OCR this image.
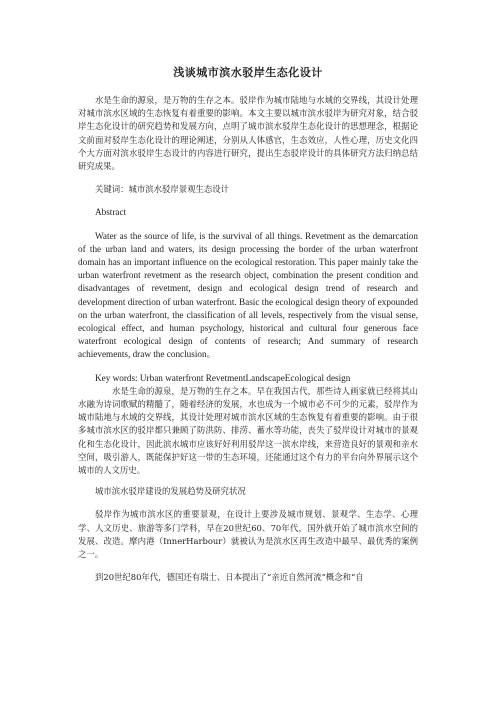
浅谈城市滨水驳岸生态化设计
水是生命的源泉，是万物的生存之本。驳岸作为城市陆地与水域的交界线，其设计处理对城市滨水区域的生态恢复有着重要的影响。本文主要以城市滨水驳岸为研究对象，结合驳岸生态化设计的研究趋势和发展方向，点明了城市滨水驳岸生态化设计的思想理念，根据论文前面对驳岸生态化设计的理论阐述，分别从人体感官，生态效应，人性心理，历史文化四个大方面对滨水驳岸生态设计的内容进行研究，提出生态驳岸设计的具体研究方法归纳总结研究成果。
关键词：城市滨水驳岸景观生态设计
Abstract
Water as the source of life, is the survival of all things. Revetment as the demarcation of the urban land and waters, its design processing the border of the urban waterfront domain has an important influence on the ecological restoration. This paper mainly take the urban waterfront revetment as the research object, combination the present condition and disadvantages of revetment, design and ecological design trend of research and development direction of urban waterfront. Basic the ecological design theory of expounded on the urban waterfront, the classification of all levels, respectively from the visual sense, ecological effect, and human psychology, historical and cultural four generous face waterfront ecological design of contents of research; And summary of research achievements, draw the conclusion。
Key words: Urban waterfront RevetmentLandscapeEcological design
水是生命的源泉，是万物的生存之本。早在我国古代，那些诗人画家就已经将其山水融为诗词歌赋的精髓了，随着经济的发展，水也成为一个城市必不可少的元素，驳岸作为城市陆地与水域的交界线，其设计处理对城市滨水区域的生态恢复有着重要的影响。由于很多城市滨水区的驳岸都只兼顾了防洪防、排涝、蓄水等功能，丧失了驳岸设计对城市的景观化和生态化设计，因此滨水城市应该好好利用驳岸这一滨水岸线，来营造良好的景观和亲水空间，吸引游人，既能保护好这一带的生态环境，还能通过这个有力的平台向外界展示这个城市的人文历史。
城市滨水驳岸建设的发展趋势及研究状况
驳岸作为城市滨水区的重要景观，在设计上要涉及城市规划、景观学、生态学、心理学、人文历史、旅游等多门学科，早在20世纪60、70年代，国外就开始了城市滨水空间的发展、改造。摩内港（InnerHarbour）就被认为是滨水区再生改造中最早、最优秀的案例之一。
到20世纪80年代，德国还有瑞士、日本提出了“亲近自然河流”概念和“自
